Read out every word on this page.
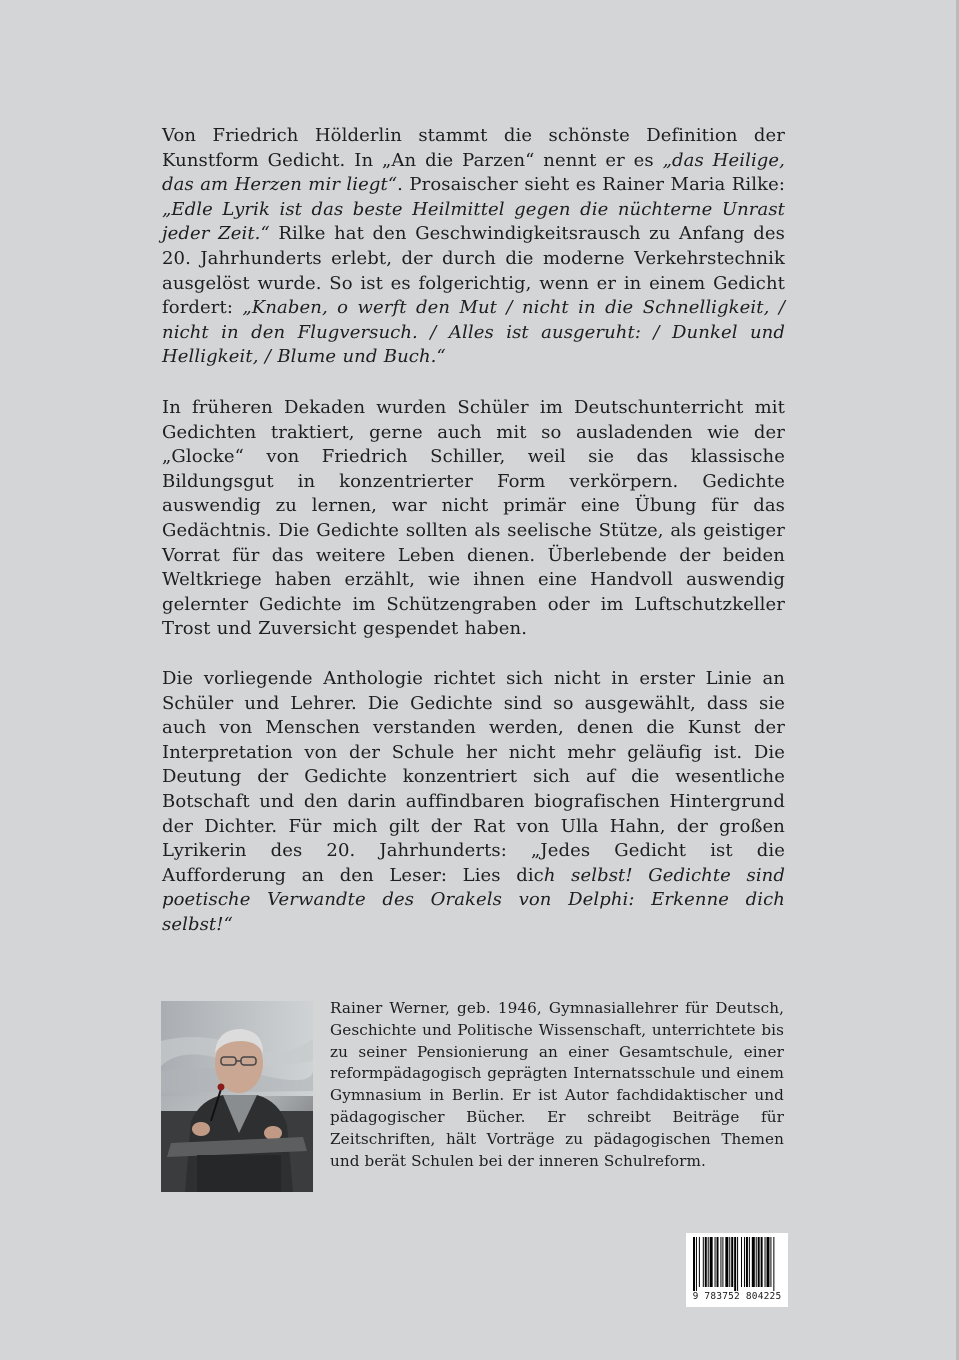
Von Friedrich Hölderlin stammt die schönste Definition der Kunstform Gedicht. In „An die Parzen“ nennt er es „das Heilige, das am Herzen mir liegt“. Prosaischer sieht es Rainer Maria Rilke: „Edle Lyrik ist das beste Heilmittel gegen die nüchterne Unrast jeder Zeit.“ Rilke hat den Geschwindigkeitsrausch zu Anfang des 20. Jahrhunderts erlebt, der durch die moderne Verkehrstechnik ausgelöst wurde. So ist es folgerichtig, wenn er in einem Gedicht fordert: „Knaben, o werft den Mut / nicht in die Schnelligkeit, / nicht in den Flugversuch. / Alles ist ausgeruht: / Dunkel und Helligkeit, / Blume und Buch.“

In früheren Dekaden wurden Schüler im Deutschunterricht mit Gedichten traktiert, gerne auch mit so ausladenden wie der „Glocke“ von Friedrich Schiller, weil sie das klassische Bildungsgut in konzentrierter Form verkörpern. Gedichte auswendig zu lernen, war nicht primär eine Übung für das Gedächtnis. Die Gedichte sollten als seelische Stütze, als geistiger Vorrat für das weitere Leben dienen. Überlebende der beiden Weltkriege haben erzählt, wie ihnen eine Handvoll auswendig gelernter Gedichte im Schützengraben oder im Luftschutzkeller Trost und Zuversicht gespendet haben.

Die vorliegende Anthologie richtet sich nicht in erster Linie an Schüler und Lehrer. Die Gedichte sind so ausgewählt, dass sie auch von Menschen verstanden werden, denen die Kunst der Interpretation von der Schule her nicht mehr geläufig ist. Die Deutung der Gedichte konzentriert sich auf die wesentliche Botschaft und den darin auffindbaren biografischen Hintergrund der Dichter. Für mich gilt der Rat von Ulla Hahn, der großen Lyrikerin des 20. Jahrhunderts: „Jedes Gedicht ist die Aufforderung an den Leser: Lies dich selbst! Gedichte sind poetische Verwandte des Orakels von Delphi: Erkenne dich selbst!“

Rainer Werner, geb. 1946, Gymnasiallehrer für Deutsch, Geschichte und Politische Wissenschaft, unterrichtete bis zu seiner Pensionierung an einer Gesamtschule, einer reformpädagogisch geprägten Internatsschule und einem Gymnasium in Berlin. Er ist Autor fachdidaktischer und pädagogischer Bücher. Er schreibt Beiträge für Zeitschriften, hält Vorträge zu pädagogischen Themen und berät Schulen bei der inneren Schulreform.

9 783752 804225
